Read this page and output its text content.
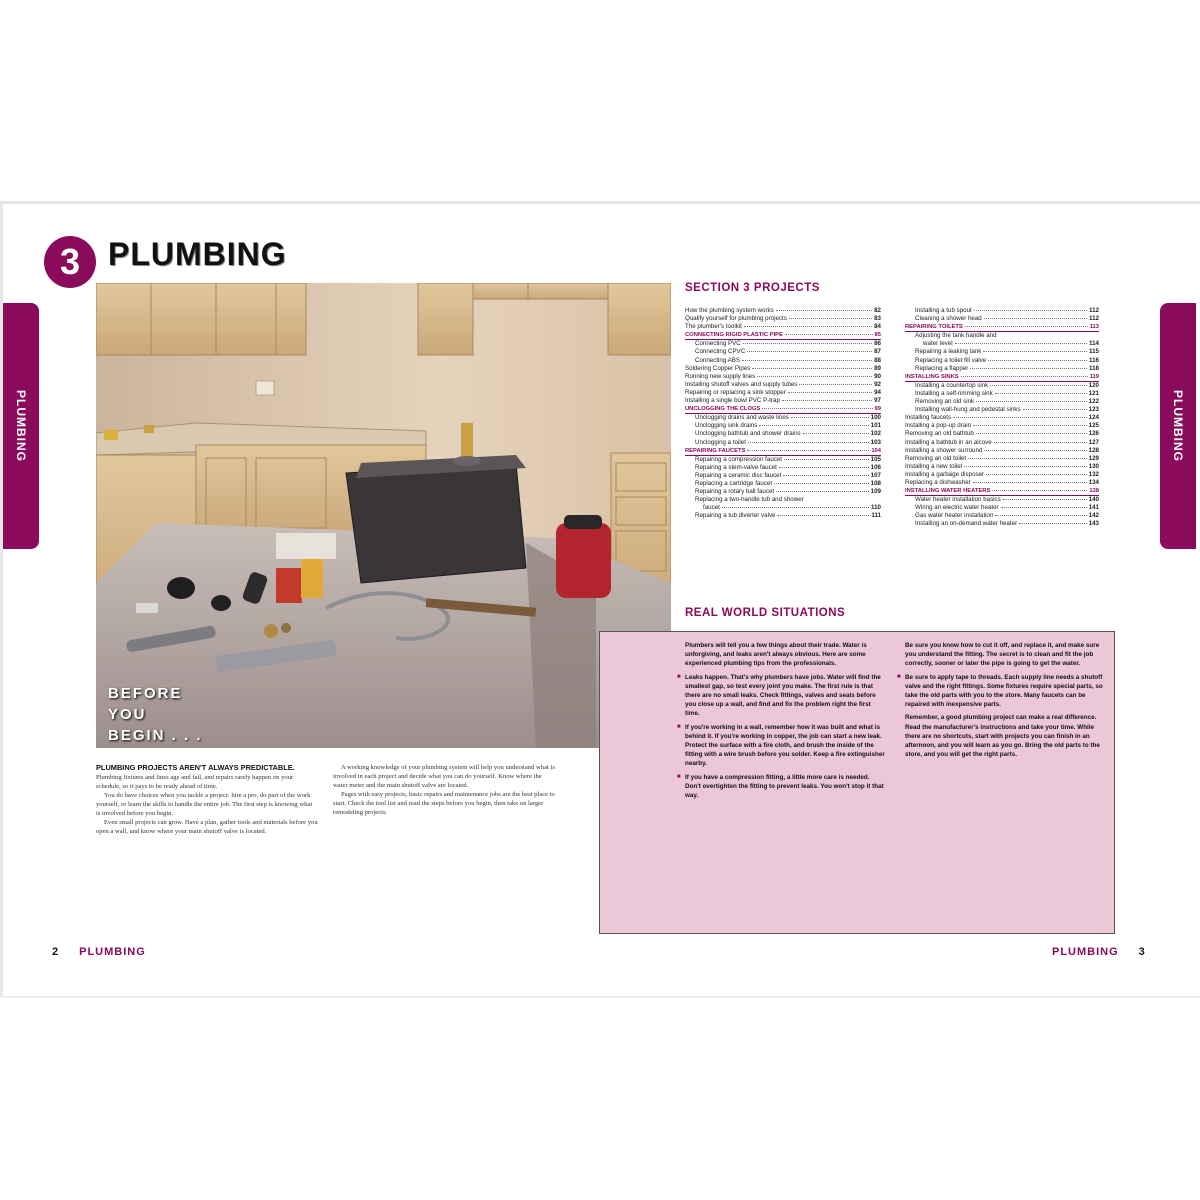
3 PLUMBING
PLUMBING	PLUMBING
BEFORE
YOU
BEGIN . . .
PLUMBING PROJECTS AREN'T ALWAYS PREDICTABLE. Plumbing fixtures and lines age and fail, and repairs rarely happen on your schedule, so it pays to be ready ahead of time.

You do have choices when you tackle a project: hire a pro, do part of the work yourself, or learn the skills to handle the entire job. The first step is knowing what is involved before you begin.

Even small projects can grow. Have a plan, gather tools and materials before you open a wall, and know where your main shutoff valve is located.

A working knowledge of your plumbing system will help you understand what is involved in each project and decide what you can do yourself. Know where the water meter and the main shutoff valve are located.

Pages with easy projects, basic repairs and maintenance jobs are the best place to start. Check the tool list and read the steps before you begin, then take on larger remodeling projects.

SECTION 3 PROJECTS
How the plumbing system works	82
Qualify yourself for plumbing projects	83
The plumber's toolkit	84
CONNECTING RIGID PLASTIC PIPE	85
Connecting PVC	86
Connecting CPVC	87
Connecting ABS	88
Soldering Copper Pipes	89
Running new supply lines	90
Installing shutoff valves and supply tubes	92
Repairing or replacing a sink stopper	94
Installing a single bowl PVC P-trap	97
UNCLOGGING THE CLOGS	99
Unclogging drains and waste lines	100
Unclogging sink drains	101
Unclogging bathtub and shower drains	102
Unclogging a toilet	103
REPAIRING FAUCETS	104
Repairing a compression faucet	105
Repairing a stem-valve faucet	106
Repairing a ceramic disc faucet	107
Replacing a cartridge faucet	108
Repairing a rotary ball faucet	109
Replacing a two-handle tub and shower
faucet	110
Repairing a tub diverter valve	111
Installing a tub spout	112
Cleaning a shower head	112
REPAIRING TOILETS	113
Adjusting the tank handle and
water level	114
Repairing a leaking tank	115
Replacing a toilet fill valve	116
Replacing a flapper	118
INSTALLING SINKS	119
Installing a countertop sink	120
Installing a self-rimming sink	121
Removing an old sink	122
Installing wall-hung and pedestal sinks	123
Installing faucets	124
Installing a pop-up drain	125
Removing an old bathtub	126
Installing a bathtub in an alcove	127
Installing a shower surround	128
Removing an old toilet	129
Installing a new toilet	130
Installing a garbage disposer	132
Replacing a dishwasher	134
INSTALLING WATER HEATERS	138
Water heater installation basics	140
Wiring an electric water heater	141
Gas water heater installation	142
Installing an on-demand water heater	143
REAL WORLD SITUATIONS

Plumbers will tell you a few things about their trade. Water is unforgiving, and leaks aren't always obvious. Here are some experienced plumbing tips from the professionals.

■ Leaks happen. That's why plumbers have jobs. Water will find the smallest gap, so test every joint you make. The first rule is that there are no small leaks. Check fittings, valves and seals before you close up a wall, and find and fix the problem right the first time.

■ If you're working in a wall, remember how it was built and what is behind it. If you're working in copper, the job can start a new leak. Protect the surface with a fire cloth, and brush the inside of the fitting with a wire brush before you solder. Keep a fire extinguisher nearby.

■ If you have a compression fitting, a little more care is needed. Don't overtighten the fitting to prevent leaks. You won't stop it that way.

Be sure you know how to cut it off, and replace it, and make sure you understand the fitting. The secret is to clean and fit the job correctly, sooner or later the pipe is going to get the water.

■ Be sure to apply tape to threads. Each supply line needs a shutoff valve and the right fittings. Some fixtures require special parts, so take the old parts with you to the store. Many faucets can be repaired with inexpensive parts.

Remember, a good plumbing project can make a real difference. Read the manufacturer's instructions and take your time. While there are no shortcuts, start with projects you can finish in an afternoon, and you will learn as you go. Bring the old parts to the store, and you will get the right parts.

2 PLUMBING	PLUMBING 3
